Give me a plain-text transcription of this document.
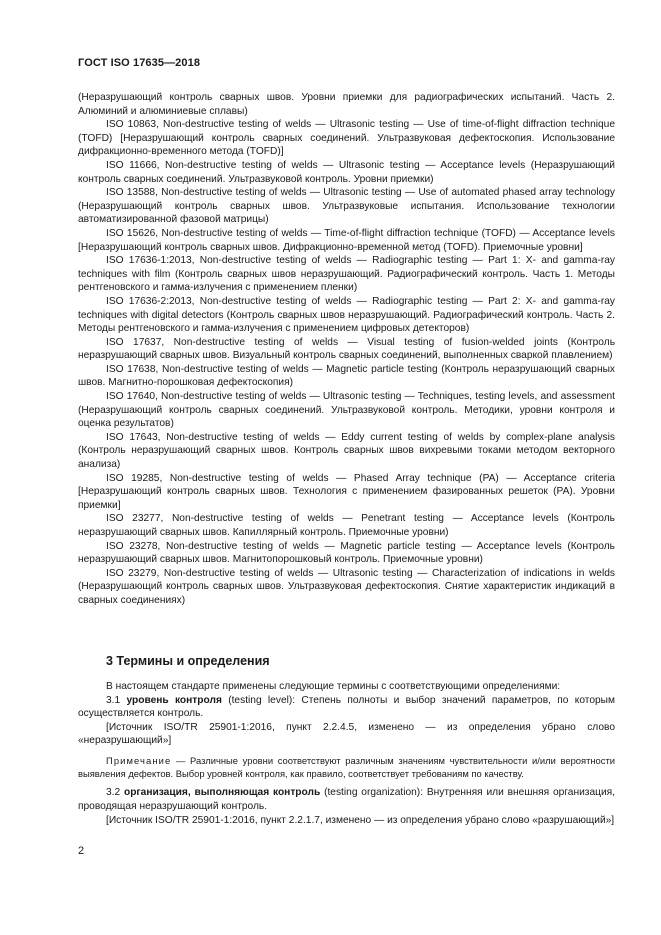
ГОСТ ISO 17635—2018

(Неразрушающий контроль сварных швов. Уровни приемки для радиографических испытаний. Часть 2. Алюминий и алюминиевые сплавы)

ISO 10863, Non-destructive testing of welds — Ultrasonic testing — Use of time-of-flight diffraction technique (TOFD) [Неразрушающий контроль сварных соединений. Ультразвуковая дефектоскопия. Использование дифракционно-временного метода (TOFD)]

ISO 11666, Non-destructive testing of welds — Ultrasonic testing — Acceptance levels (Неразрушающий контроль сварных соединений. Ультразвуковой контроль. Уровни приемки)

ISO 13588, Non-destructive testing of welds — Ultrasonic testing — Use of automated phased array technology (Неразрушающий контроль сварных швов. Ультразвуковые испытания. Использование технологии автоматизированной фазовой матрицы)

ISO 15626, Non-destructive testing of welds — Time-of-flight diffraction technique (TOFD) — Acceptance levels [Неразрушающий контроль сварных швов. Дифракционно-временной метод (TOFD). Приемочные уровни]

ISO 17636-1:2013, Non-destructive testing of welds — Radiographic testing — Part 1: X- and gamma-ray techniques with film (Контроль сварных швов неразрушающий. Радиографический контроль. Часть 1. Методы рентгеновского и гамма-излучения с применением пленки)

ISO 17636-2:2013, Non-destructive testing of welds — Radiographic testing — Part 2: X- and gamma-ray techniques with digital detectors (Контроль сварных швов неразрушающий. Радиографический контроль. Часть 2. Методы рентгеновского и гамма-излучения с применением цифровых детекторов)

ISO 17637, Non-destructive testing of welds — Visual testing of fusion-welded joints (Контроль неразрушающий сварных швов. Визуальный контроль сварных соединений, выполненных сваркой плавлением)

ISO 17638, Non-destructive testing of welds — Magnetic particle testing (Контроль неразрушающий сварных швов. Магнитно-порошковая дефектоскопия)

ISO 17640, Non-destructive testing of welds — Ultrasonic testing — Techniques, testing levels, and assessment (Неразрушающий контроль сварных соединений. Ультразвуковой контроль. Методики, уровни контроля и оценка результатов)

ISO 17643, Non-destructive testing of welds — Eddy current testing of welds by complex-plane analysis (Контроль неразрушающий сварных швов. Контроль сварных швов вихревыми токами методом векторного анализа)

ISO 19285, Non-destructive testing of welds — Phased Array technique (PA) — Acceptance criteria [Неразрушающий контроль сварных швов. Технология с применением фазированных решеток (PA). Уровни приемки]

ISO 23277, Non-destructive testing of welds — Penetrant testing — Acceptance levels (Контроль неразрушающий сварных швов. Капиллярный контроль. Приемочные уровни)

ISO 23278, Non-destructive testing of welds — Magnetic particle testing — Acceptance levels (Контроль неразрушающий сварных швов. Магнитопорошковый контроль. Приемочные уровни)

ISO 23279, Non-destructive testing of welds — Ultrasonic testing — Characterization of indications in welds (Неразрушающий контроль сварных швов. Ультразвуковая дефектоскопия. Снятие характеристик индикаций в сварных соединениях)

3 Термины и определения

В настоящем стандарте применены следующие термины с соответствующими определениями:

3.1 уровень контроля (testing level): Степень полноты и выбор значений параметров, по которым осуществляется контроль.

[Источник ISO/TR 25901-1:2016, пункт 2.2.4.5, изменено — из определения убрано слово «неразрушающий»]

Примечание — Различные уровни соответствуют различным значениям чувствительности и/или вероятности выявления дефектов. Выбор уровней контроля, как правило, соответствует требованиям по качеству.

3.2 организация, выполняющая контроль (testing organization): Внутренняя или внешняя организация, проводящая неразрушающий контроль.

[Источник ISO/TR 25901-1:2016, пункт 2.2.1.7, изменено — из определения убрано слово «разрушающий»]

2
